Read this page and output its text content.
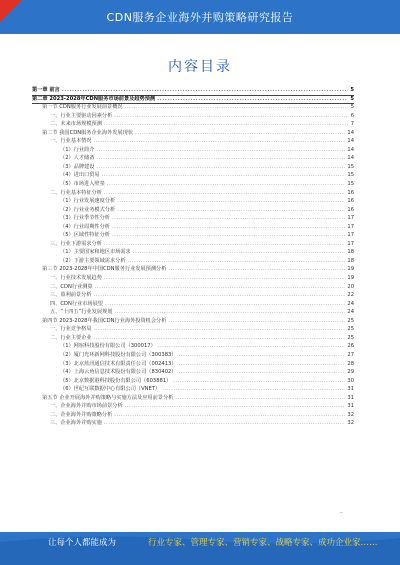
CDN服务企业海外并购策略研究报告
内容目录
第一章 前言 .....	5
第二章 2023-2028年CDN服务市场前景及趋势预测 .....	5
第一节 CDN服务行业发展前景概况 .....	5
一、行业主要驱动因素分析 .....	6
二、未来市场规模预测 .....	7
第二节 我国CDN服务企业海外发展现状 .....	14
一、行业基本情况 .....	14
（1）行业简介 .....	14
（2）人才储备 .....	14
（3）品牌建设 .....	15
（4）进出口贸易 .....	15
（5）市场进入壁垒 .....	15
二、行业基本特征分析 .....	16
（1）行业发展速度分析 .....	16
（2）行业业务模式分析 .....	16
（3）行业季节性分析 .....	17
（4）行业周期性分析 .....	17
（5）区域性特征分析 .....	17
三、行业下游需求分析 .....	17
（1）主要国家和地区市场需求 .....	18
（2）下游主要领域需求分析 .....	18
第三节 2023-2028年中国CDN服务行业发展预测分析 .....	19
一、行业技术发展趋势 .....	19
二、CDN行业测算 .....	20
三、盈利前景分析 .....	22
四、CDN行业市场展望 .....	24
五、“十四五”行业发展规划 .....	24
第四节 2023-2028年我国CDN行业海外投资机会分析 .....	25
一、行业竞争格局 .....	25
二、行业主要企业 .....	25
（1）网宿科技股份有限公司（300017） .....	26
（2）厦门光环新网科技股份有限公司（300383） .....	27
（3）北京蓝汛通信技术有限责任公司（002413） .....	28
（4）上海云角信息技术股份有限公司（830402） .....	29
（5）北京数据港科技股份有限公司（603881） .....	30
（6）世纪互联数据中心有限公司（VNET） .....	31
第五节 企业开展海外并购策略与实施方法及应用前景分析 .....	31
一、企业海外并购市场前景分析 .....	31
二、企业海外并购策略分析 .....	32
三、企业海外并购实施 .....	32
–
让每个人都能成为	行业专家、管理专家、营销专家、战略专家、成功企业家……
